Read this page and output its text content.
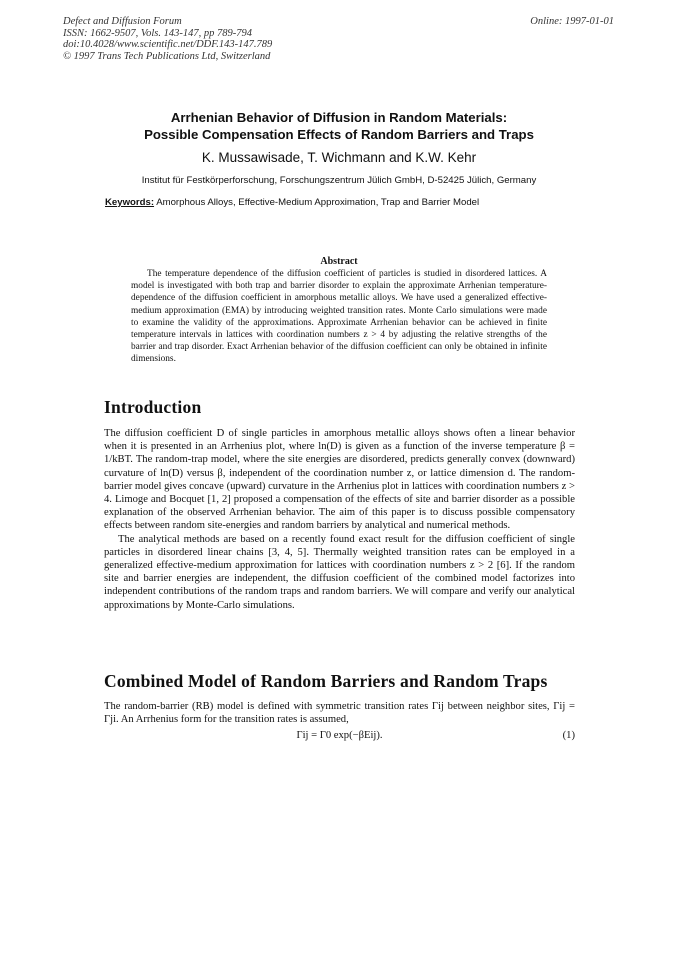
Defect and Diffusion Forum
ISSN: 1662-9507, Vols. 143-147, pp 789-794
doi:10.4028/www.scientific.net/DDF.143-147.789
© 1997 Trans Tech Publications Ltd, Switzerland
Online: 1997-01-01
Arrhenian Behavior of Diffusion in Random Materials:
Possible Compensation Effects of Random Barriers and Traps
K. Mussawisade, T. Wichmann and K.W. Kehr
Institut für Festkörperforschung, Forschungszentrum Jülich GmbH, D-52425 Jülich, Germany
Keywords: Amorphous Alloys, Effective-Medium Approximation, Trap and Barrier Model
Abstract

The temperature dependence of the diffusion coefficient of particles is studied in disordered lattices. A model is investigated with both trap and barrier disorder to explain the approximate Arrhenian temperature-dependence of the diffusion coefficient in amorphous metallic alloys. We have used a generalized effective-medium approximation (EMA) by introducing weighted transition rates. Monte Carlo simulations were made to examine the validity of the approximations. Approximate Arrhenian behavior can be achieved in finite temperature intervals in lattices with coordination numbers z > 4 by adjusting the relative strengths of the barrier and trap disorder. Exact Arrhenian behavior of the diffusion coefficient can only be obtained in infinite dimensions.

Introduction

The diffusion coefficient D of single particles in amorphous metallic alloys shows often a linear behavior when it is presented in an Arrhenius plot, where ln(D) is given as a function of the inverse temperature β = 1/kBT. The random-trap model, where the site energies are disordered, predicts generally convex (downward) curvature of ln(D) versus β, independent of the coordination number z, or lattice dimension d. The random-barrier model gives concave (upward) curvature in the Arrhenius plot in lattices with coordination numbers z > 4. Limoge and Bocquet [1, 2] proposed a compensation of the effects of site and barrier disorder as a possible explanation of the observed Arrhenian behavior. The aim of this paper is to discuss possible compensatory effects between random site-energies and random barriers by analytical and numerical methods.

The analytical methods are based on a recently found exact result for the diffusion coefficient of single particles in disordered linear chains [3, 4, 5]. Thermally weighted transition rates can be employed in a generalized effective-medium approximation for lattices with coordination numbers z > 2 [6]. If the random site and barrier energies are independent, the diffusion coefficient of the combined model factorizes into independent contributions of the random traps and random barriers. We will compare and verify our analytical approximations by Monte-Carlo simulations.

Combined Model of Random Barriers and Random Traps

The random-barrier (RB) model is defined with symmetric transition rates Γij between neighbor sites, Γij = Γji. An Arrhenius form for the transition rates is assumed,

Γij = Γ0 exp(−βEij).	(1)
